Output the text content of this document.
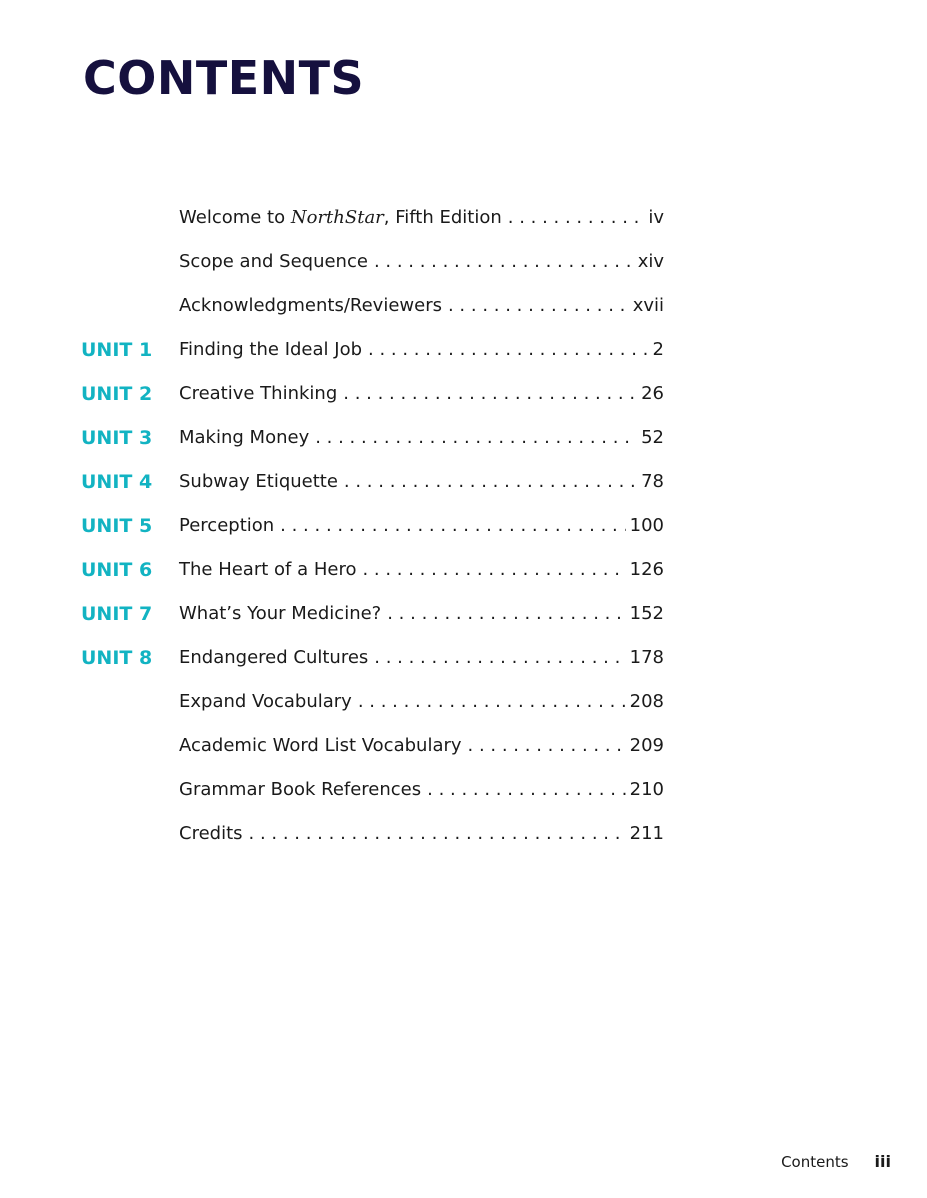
CONTENTS
Welcome to NorthStar, Fifth Edition . . .	iv
Scope and Sequence . . .	xiv
Acknowledgments/Reviewers . . .	xvii
UNIT 1 Finding the Ideal Job . . .	2
UNIT 2 Creative Thinking . . .	26
UNIT 3 Making Money . . .	52
UNIT 4 Subway Etiquette . . .	78
UNIT 5 Perception . . .	100
UNIT 6 The Heart of a Hero . . .	126
UNIT 7 What’s Your Medicine? . . .	152
UNIT 8 Endangered Cultures . . .	178
Expand Vocabulary . . .	208
Academic Word List Vocabulary . . .	209
Grammar Book References . . .	210
Credits . . .	211
Contents iii
